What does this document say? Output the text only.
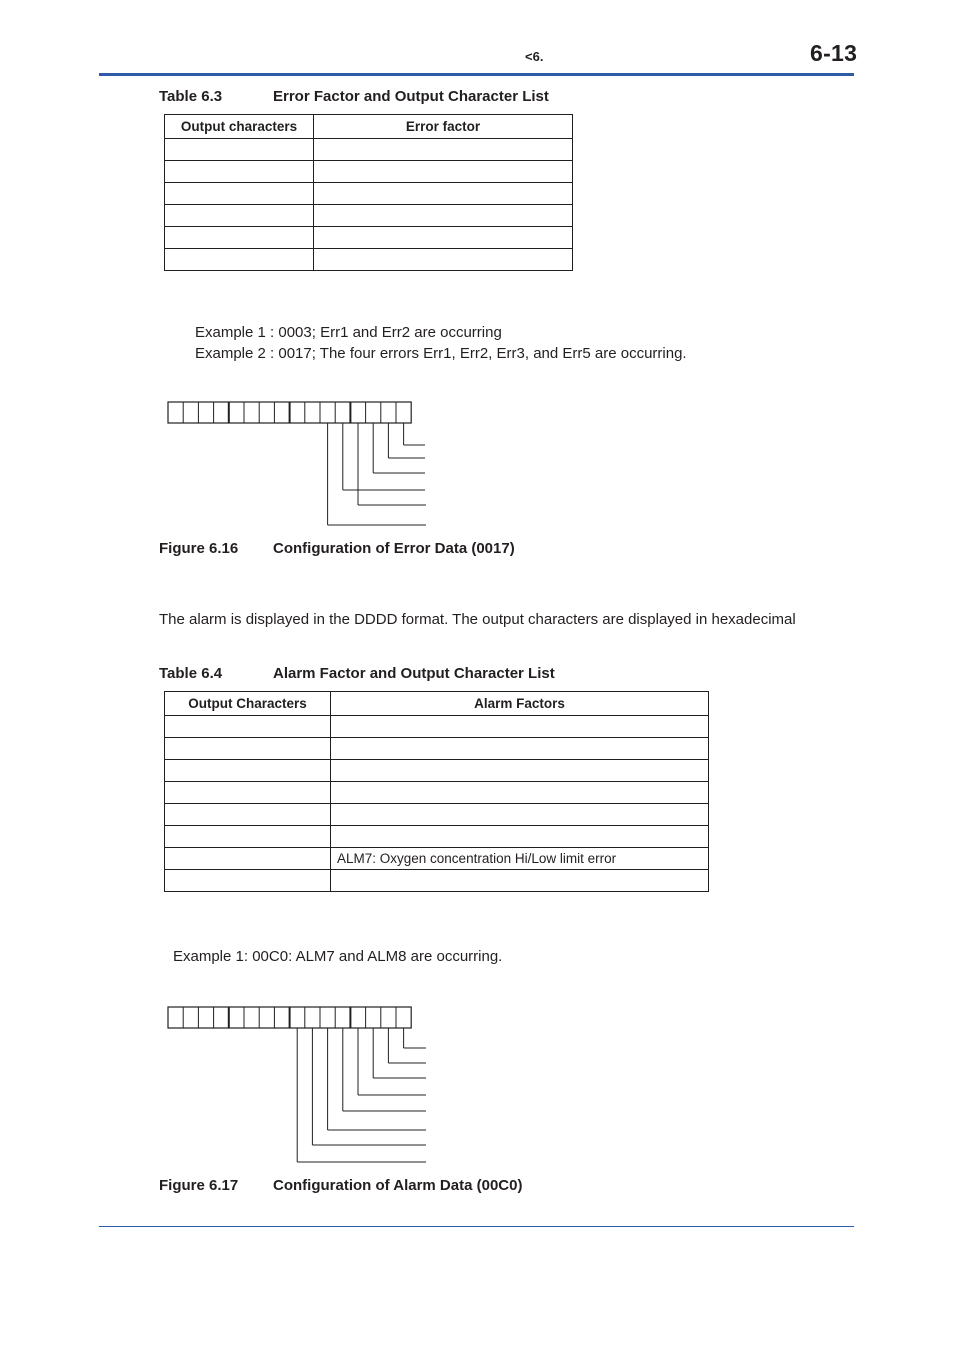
<6.	6-13
Table 6.3	Error Factor and Output Character List
Output characters	Error factor

Example 1 : 0003; Err1 and Err2 are occurring
Example 2 : 0017; The four errors Err1, Err2, Err3, and Err5 are occurring.
Figure 6.16 Configuration of Error Data (0017)
The alarm is displayed in the DDDD format. The output characters are displayed in hexadecimal
Table 6.4	Alarm Factor and Output Character List
Output Characters	Alarm Factors

	ALM7: Oxygen concentration Hi/Low limit error

Example 1: 00C0: ALM7 and ALM8 are occurring.
Figure 6.17 Configuration of Alarm Data (00C0)
